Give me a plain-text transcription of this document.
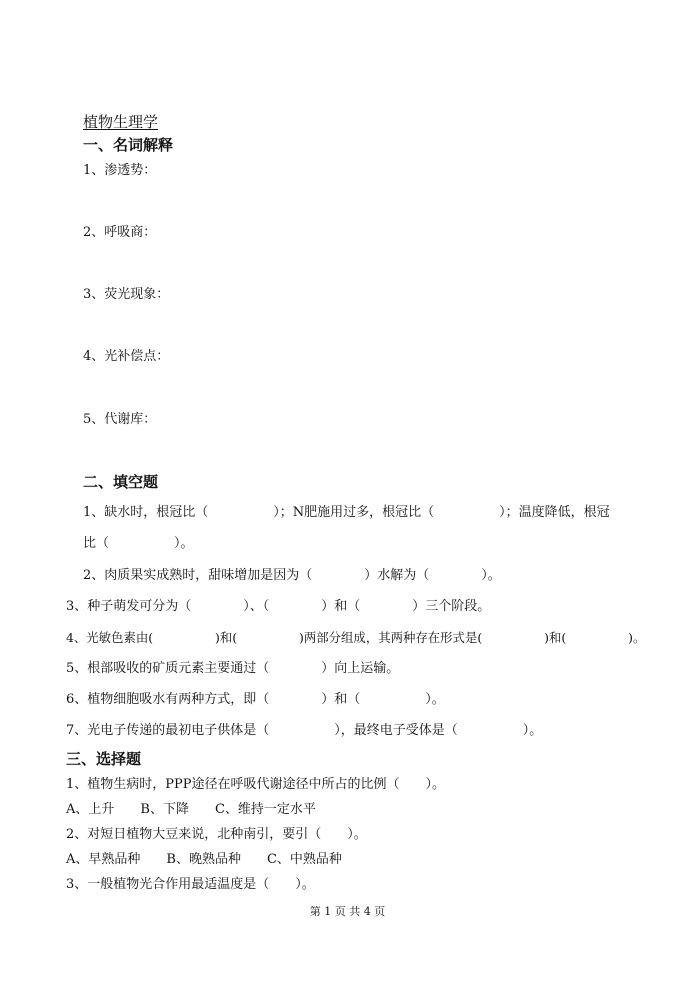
植物生理学
一、名词解释
1、渗透势：
2、呼吸商：
3、荧光现象：
4、光补偿点：
5、代谢库：
二、填空题
1、缺水时，根冠比（　　　　　）；N肥施用过多，根冠比（　　　　　）；温度降低，根冠
比（　　　　　）。
2、肉质果实成熟时，甜味增加是因为（　　　　）水解为（　　　　）。
3、种子萌发可分为（　　　　）、（　　　　）和（　　　　）三个阶段。
4、光敏色素由(　　　　　)和(　　　　　)两部分组成，其两种存在形式是(　　　　　)和(　　　　　)。
5、根部吸收的矿质元素主要通过（　　　　）向上运输。
6、植物细胞吸水有两种方式，即（　　　　）和（　　　　　）。
7、光电子传递的最初电子供体是（　　　　　），最终电子受体是（　　　　　）。
三、选择题
1、植物生病时，PPP途径在呼吸代谢途径中所占的比例（　　）。
A、上升　　B、下降　　C、维持一定水平
2、对短日植物大豆来说，北种南引，要引（　　）。
A、早熟品种　　B、晚熟品种　　C、中熟品种
3、一般植物光合作用最适温度是（　　）。
第 1 页 共 4 页
